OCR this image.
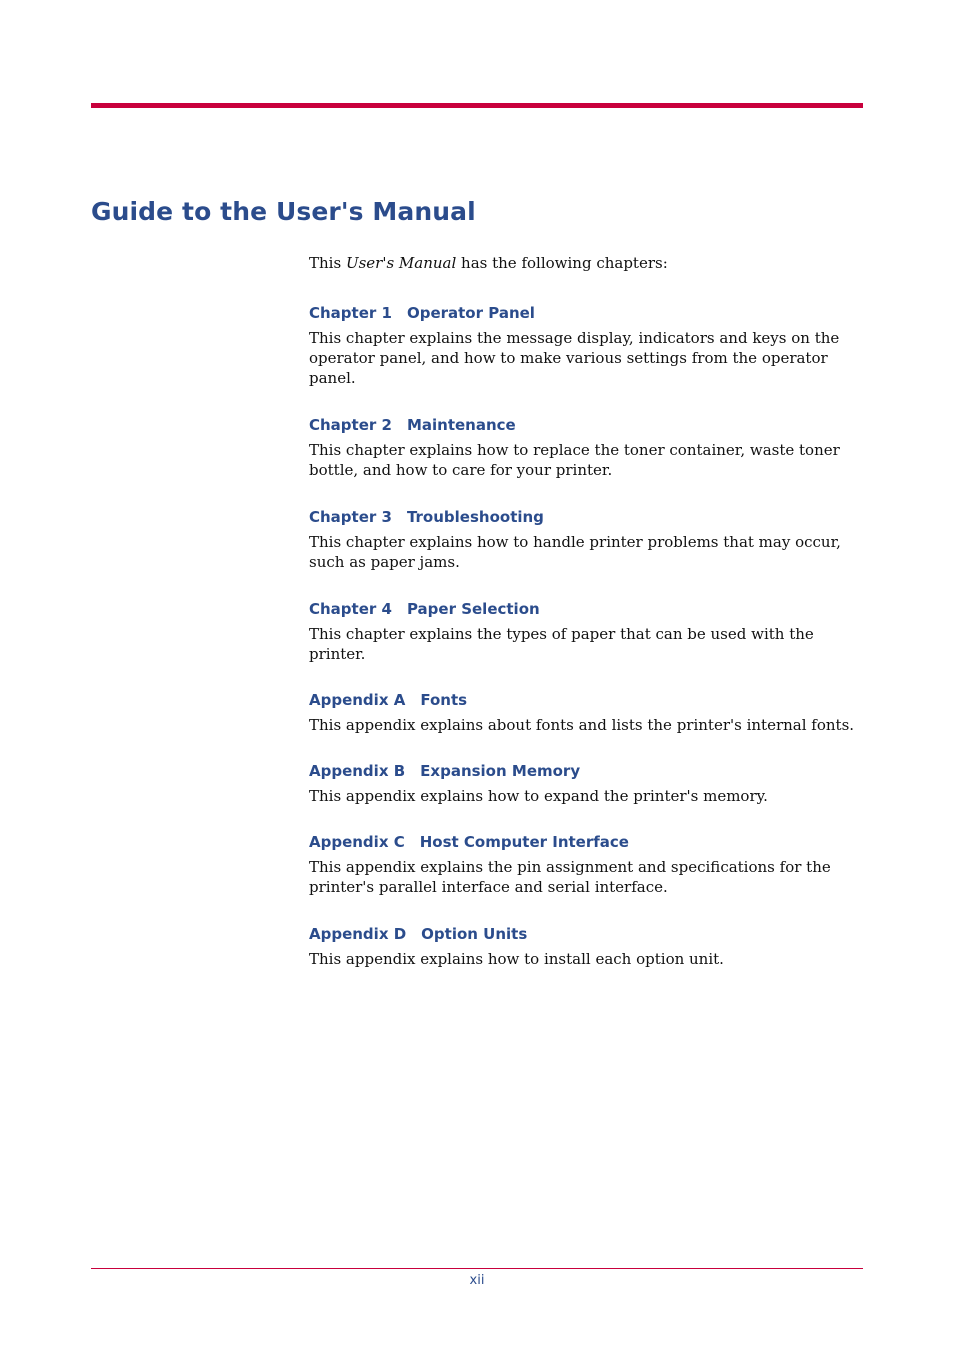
Guide to the User's Manual

This User's Manual has the following chapters:

Chapter 1 Operator Panel

This chapter explains the message display, indicators and keys on the operator panel, and how to make various settings from the operator panel.

Chapter 2 Maintenance

This chapter explains how to replace the toner container, waste toner bottle, and how to care for your printer.

Chapter 3 Troubleshooting

This chapter explains how to handle printer problems that may occur, such as paper jams.

Chapter 4 Paper Selection

This chapter explains the types of paper that can be used with the printer.

Appendix A Fonts

This appendix explains about fonts and lists the printer's internal fonts.

Appendix B Expansion Memory

This appendix explains how to expand the printer's memory.

Appendix C Host Computer Interface

This appendix explains the pin assignment and specifications for the printer's parallel interface and serial interface.

Appendix D Option Units

This appendix explains how to install each option unit.

xii
